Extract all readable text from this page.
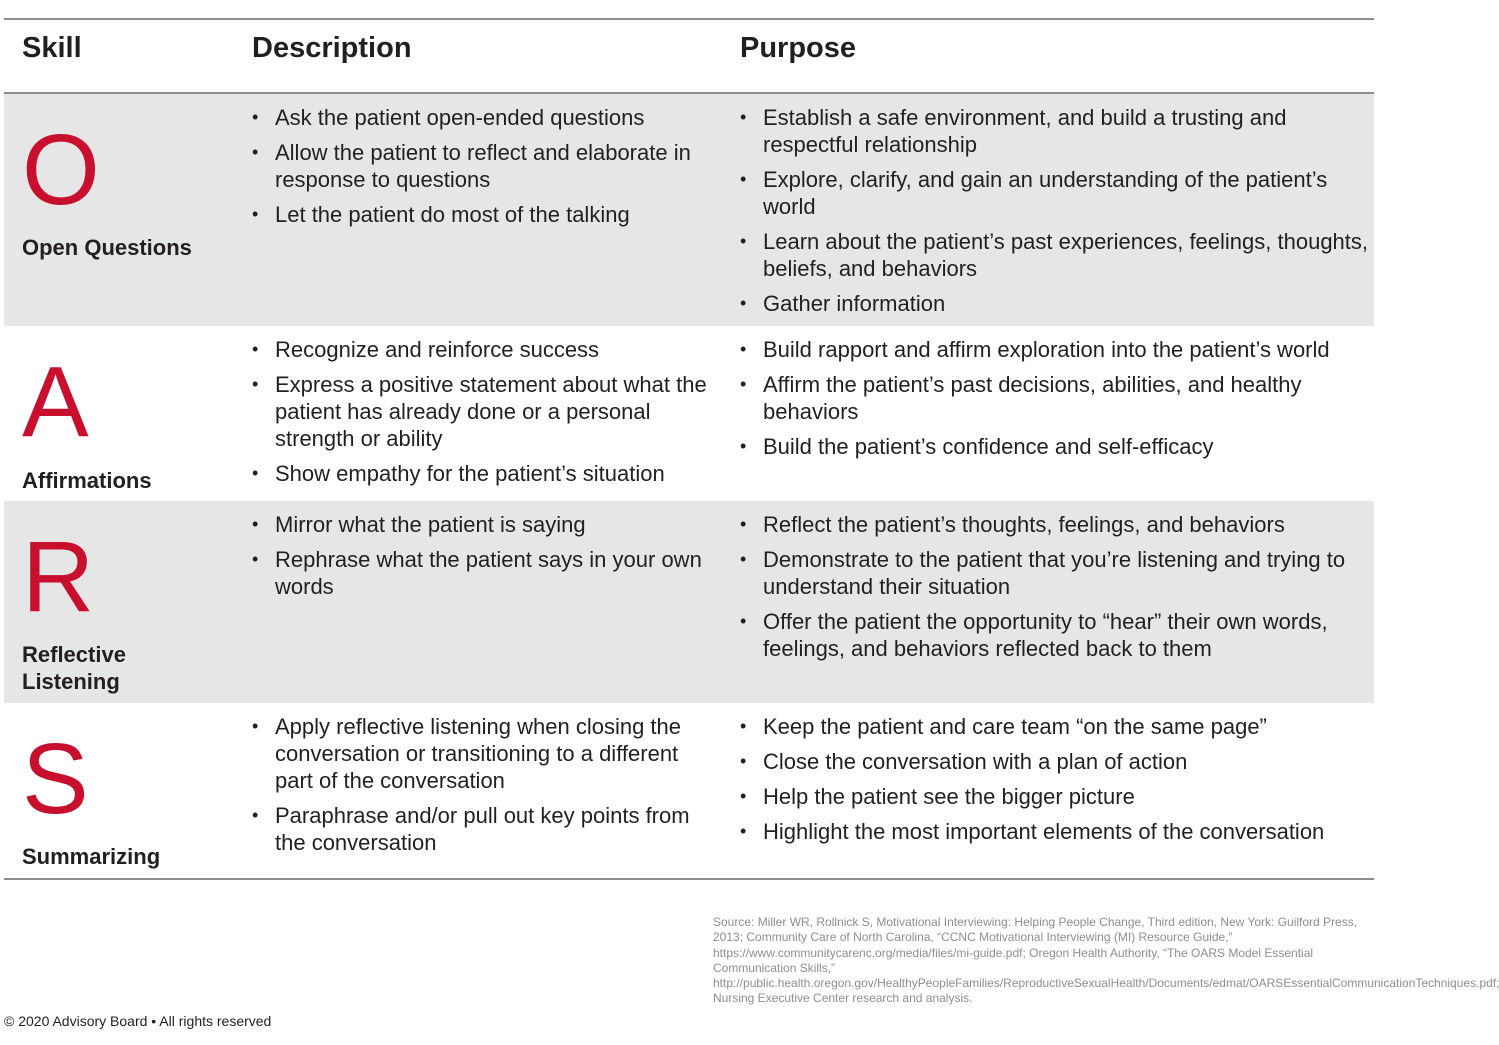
Skill	Description	Purpose
O
Open Questions
• Ask the patient open-ended questions
• Allow the patient to reflect and elaborate in response to questions
• Let the patient do most of the talking
• Establish a safe environment, and build a trusting and respectful relationship
• Explore, clarify, and gain an understanding of the patient’s world
• Learn about the patient’s past experiences, feelings, thoughts, beliefs, and behaviors
• Gather information
A
Affirmations
• Recognize and reinforce success
• Express a positive statement about what the patient has already done or a personal strength or ability
• Show empathy for the patient’s situation
• Build rapport and affirm exploration into the patient’s world
• Affirm the patient’s past decisions, abilities, and healthy behaviors
• Build the patient’s confidence and self-efficacy
R
Reflective Listening
• Mirror what the patient is saying
• Rephrase what the patient says in your own words
• Reflect the patient’s thoughts, feelings, and behaviors
• Demonstrate to the patient that you’re listening and trying to understand their situation
• Offer the patient the opportunity to “hear” their own words, feelings, and behaviors reflected back to them
S
Summarizing
• Apply reflective listening when closing the conversation or transitioning to a different part of the conversation
• Paraphrase and/or pull out key points from the conversation
• Keep the patient and care team “on the same page”
• Close the conversation with a plan of action
• Help the patient see the bigger picture
• Highlight the most important elements of the conversation
Source: Miller WR, Rollnick S, Motivational Interviewing: Helping People Change, Third edition, New York: Guilford Press, 2013; Community Care of North Carolina, “CCNC Motivational Interviewing (MI) Resource Guide,” https://www.communitycarenc.org/media/files/mi-guide.pdf; Oregon Health Authority, “The OARS Model Essential Communication Skills,” http://public.health.oregon.gov/HealthyPeopleFamilies/ReproductiveSexualHealth/Documents/edmat/OARSEssentialCommunicationTechniques.pdf; Nursing Executive Center research and analysis.
© 2020 Advisory Board • All rights reserved
